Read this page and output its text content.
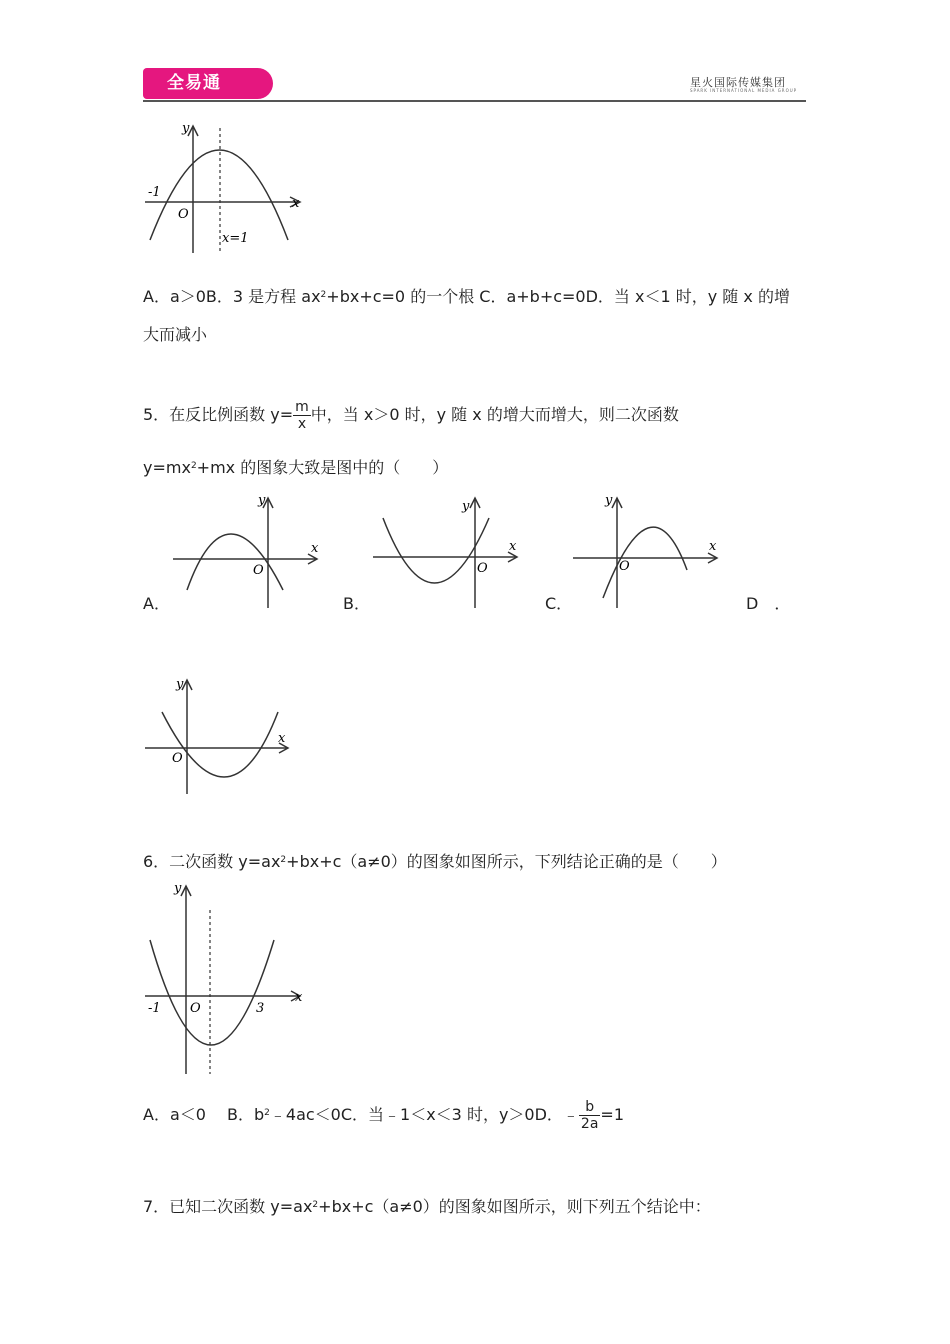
全易通	星火国际传媒集团
SPARK INTERNATIONAL MEDIA GROUP
y
x
O
-1
x=1
A．a＞0B．3 是方程 $ax^2+bx+c=0$ 的一个根 C．a+b+c=0D．当 x＜1 时，y 随 x 的增
大而减小
5．在反比例函数 $y= \frac{m}{x}$ 中，当 x＞0 时，y 随 x 的增大而增大，则二次函数
$y=mx^2+mx$ 的图象大致是图中的（　　）
y
x
O
y
x
O
y
x
O
A．	B．	C．	D　．
y
x
O
6．二次函数 $y=ax^2+bx+c(a\ne 0)$的图象如图所示，下列结论正确的是（　　）
y
x
O
-1	3
A．a＜0　 B．$b^2﹣4ac<0C$．当﹣1＜x＜3 时，y＞0D．﹣ $\frac{b}{2a} =1$
7．已知二次函数 $y=ax^2+bx+c(a\ne 0)$的图象如图所示，则下列五个结论中：
